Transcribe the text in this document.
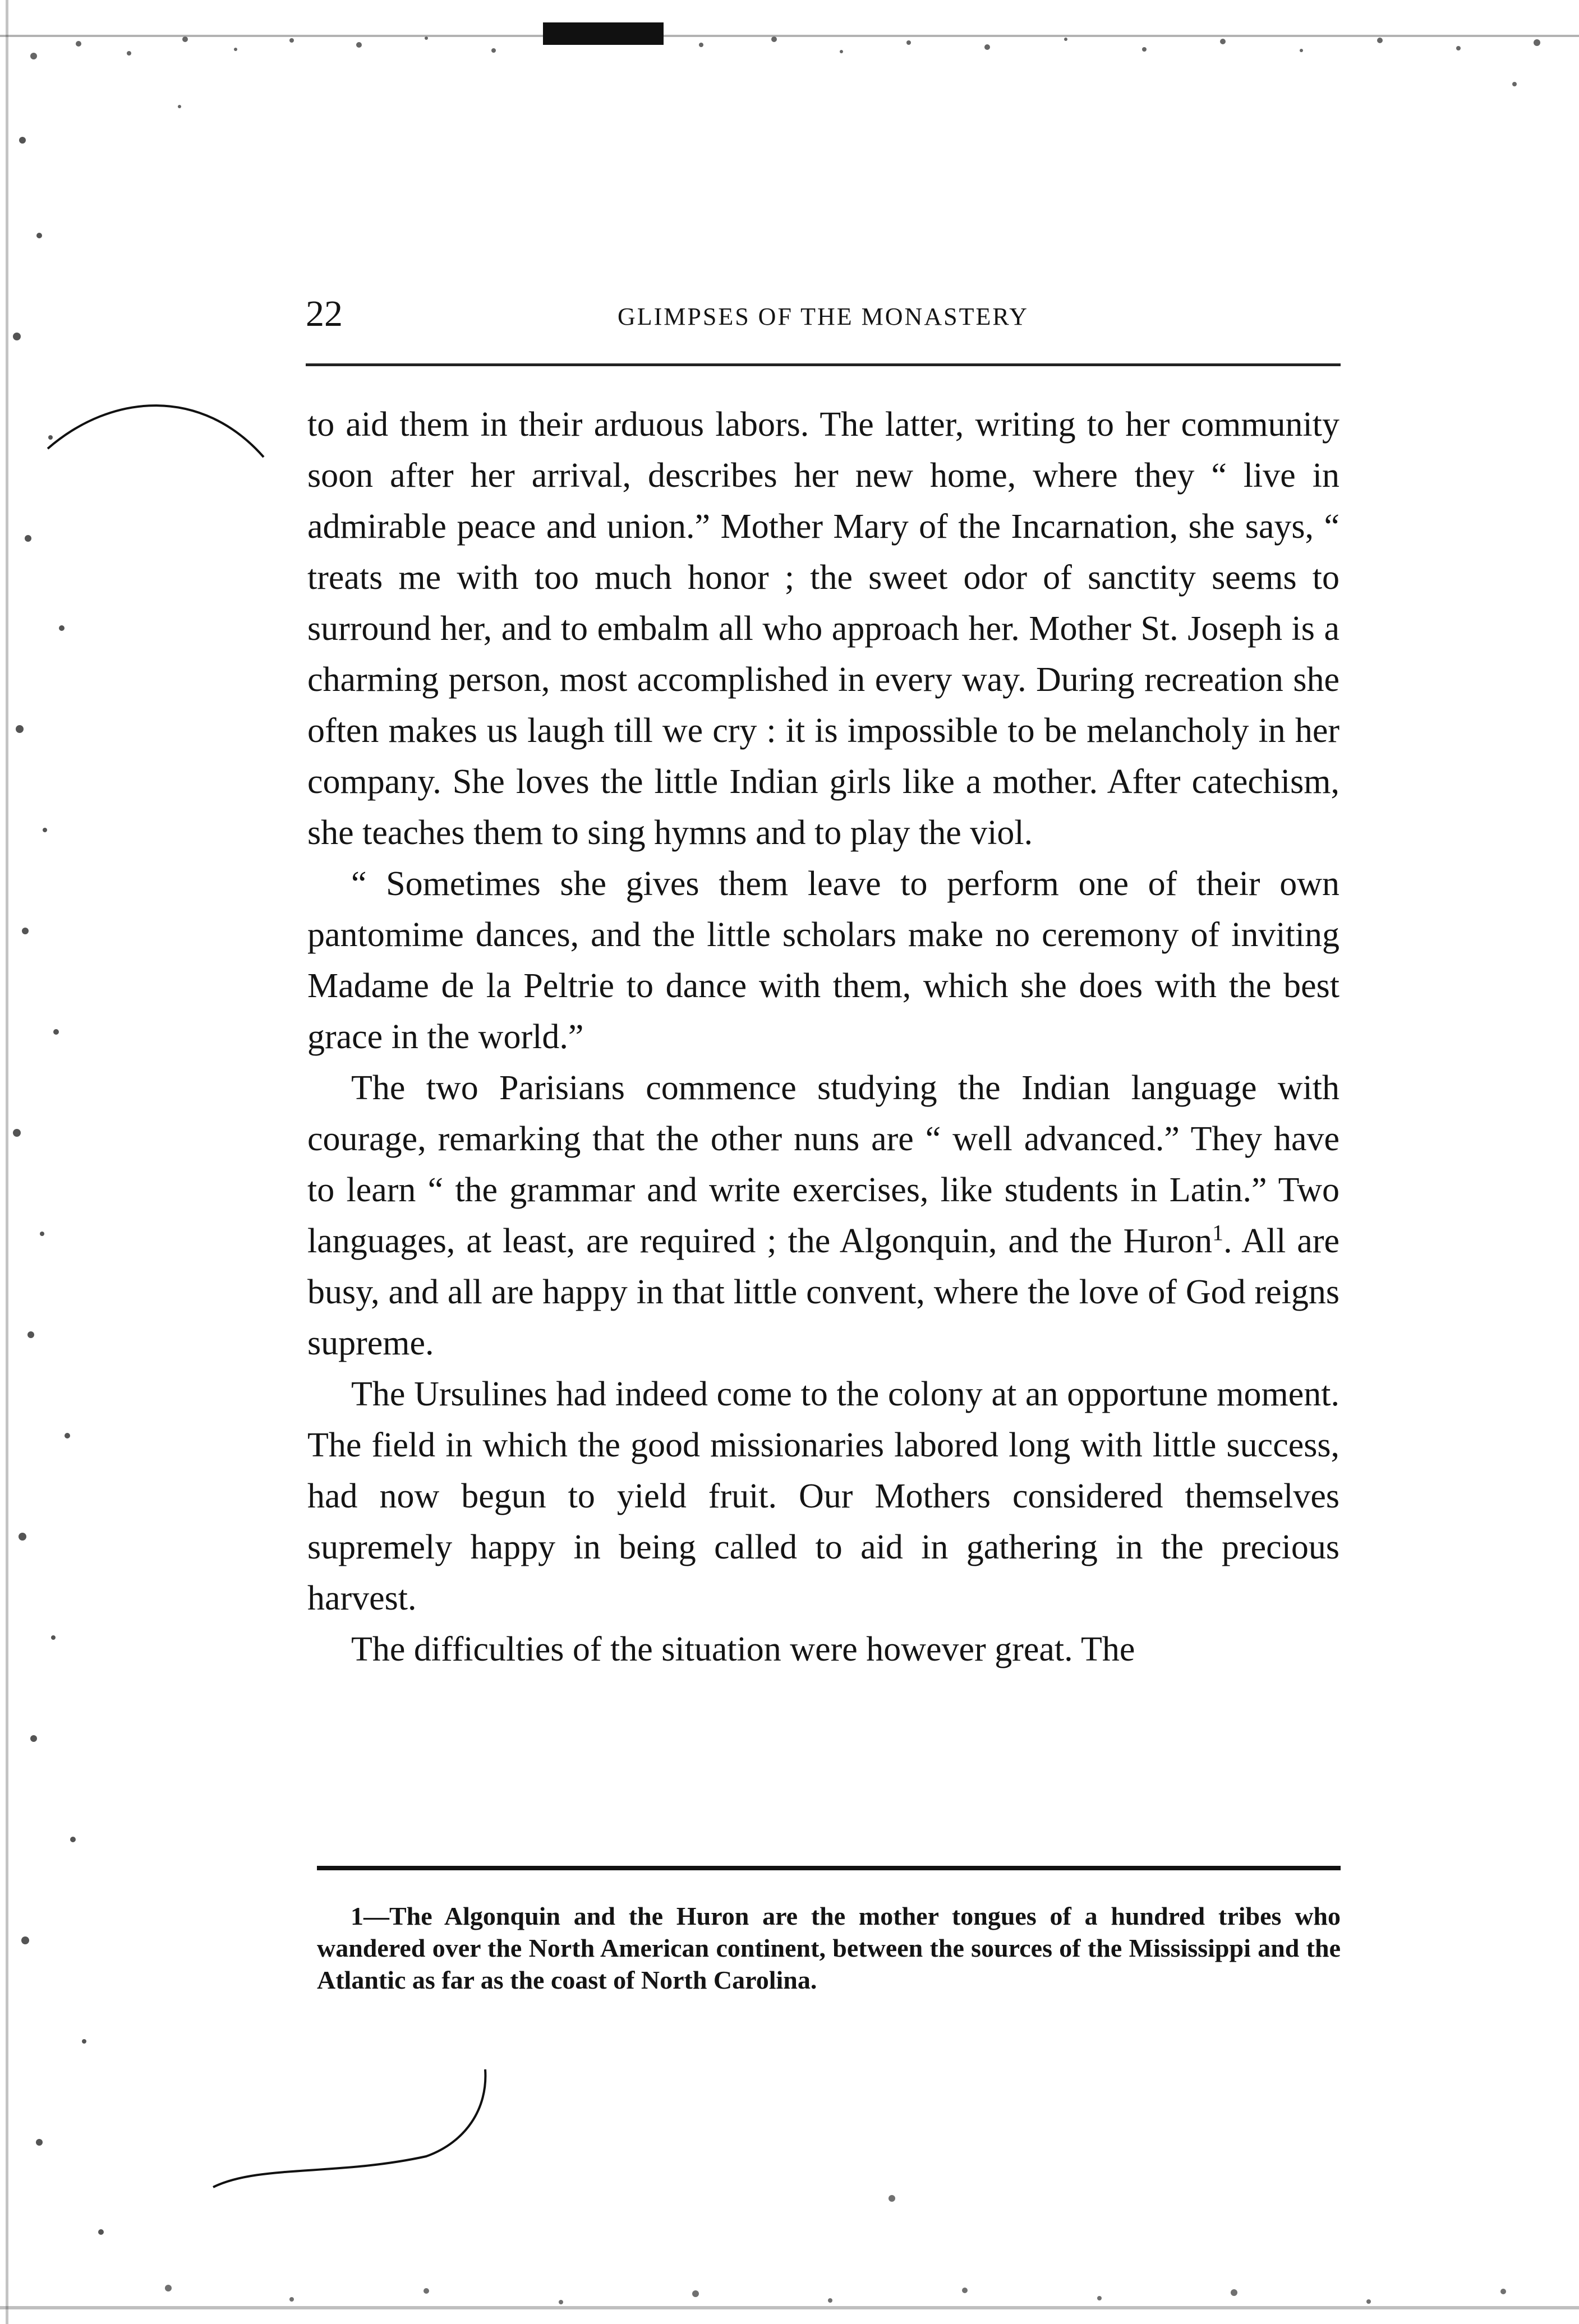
22	GLIMPSES OF THE MONASTERY

to aid them in their arduous labors. The latter, writing to her community soon after her arrival, describes her new home, where they “ live in admirable peace and union.” Mother Mary of the Incarnation, she says, “ treats me with too much honor ; the sweet odor of sanctity seems to surround her, and to embalm all who approach her. Mother St. Joseph is a charming person, most accomplished in every way. During recreation she often makes us laugh till we cry : it is impossible to be melancholy in her company. She loves the little Indian girls like a mother. After catechism, she teaches them to sing hymns and to play the viol.

“ Sometimes she gives them leave to perform one of their own pantomime dances, and the little scholars make no ceremony of inviting Madame de la Peltrie to dance with them, which she does with the best grace in the world.”

The two Parisians commence studying the Indian language with courage, remarking that the other nuns are “ well advanced.” They have to learn “ the grammar and write exercises, like students in Latin.” Two languages, at least, are required ; the Algonquin, and the Huron$^1$. All are busy, and all are happy in that little convent, where the love of God reigns supreme.

The Ursulines had indeed come to the colony at an opportune moment. The field in which the good missionaries labored long with little success, had now begun to yield fruit. Our Mothers considered themselves supremely happy in being called to aid in gathering in the precious harvest.

The difficulties of the situation were however great. The

1—The Algonquin and the Huron are the mother tongues of a hundred tribes who wandered over the North American continent, between the sources of the Mississippi and the Atlantic as far as the coast of North Carolina.
